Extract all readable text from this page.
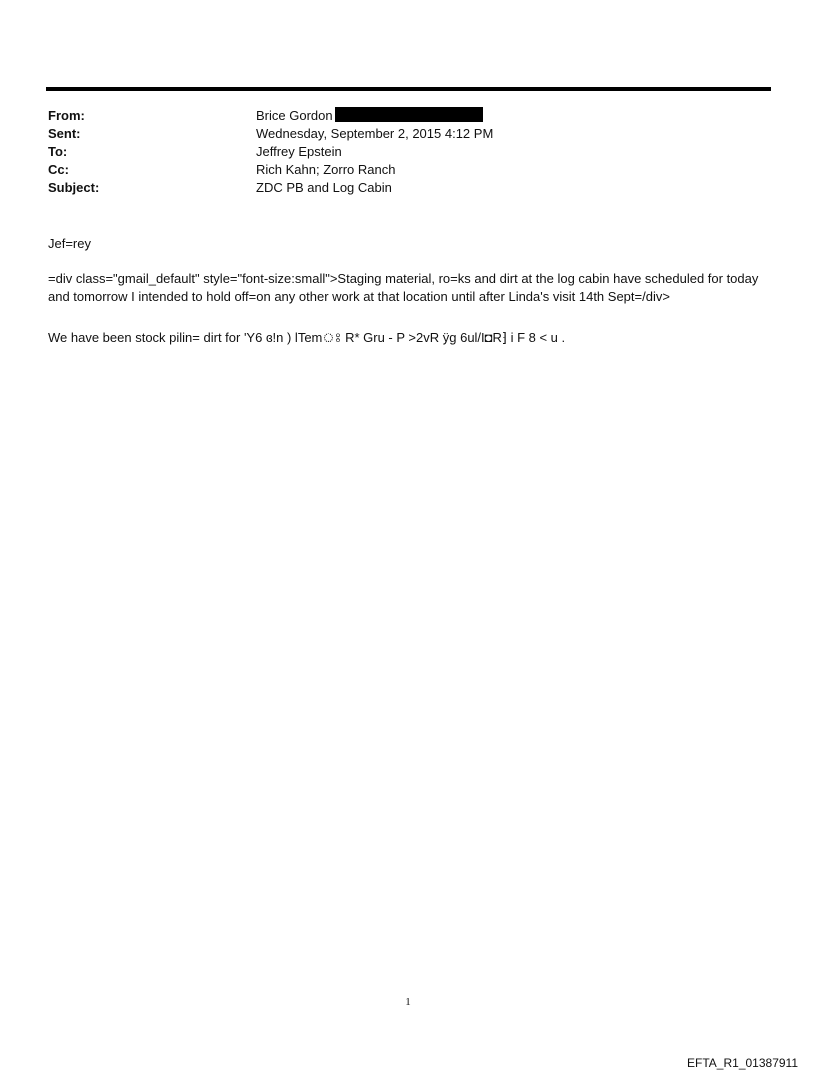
From:	Brice Gordon
Sent:	Wednesday, September 2, 2015 4:12 PM
To:	Jeffrey Epstein
Cc:	Rich Kahn; Zorro Ranch
Subject:	ZDC PB and Log Cabin
Jef=rey
=div class="gmail_default" style="font-size:small">Staging material, ro=ks and dirt at the log cabin have scheduled for today and tomorrow I intended to hold off=on any other work at that location until after Linda's visit 14th Sept=/div>
We have been stock pilin= dirt for 'Y6 ɞ!n ) lTemঃ R* Gru - P >2vR ÿg 6ul/I◘R⁆ i F 8 < u .
1
EFTA_R1_01387911
